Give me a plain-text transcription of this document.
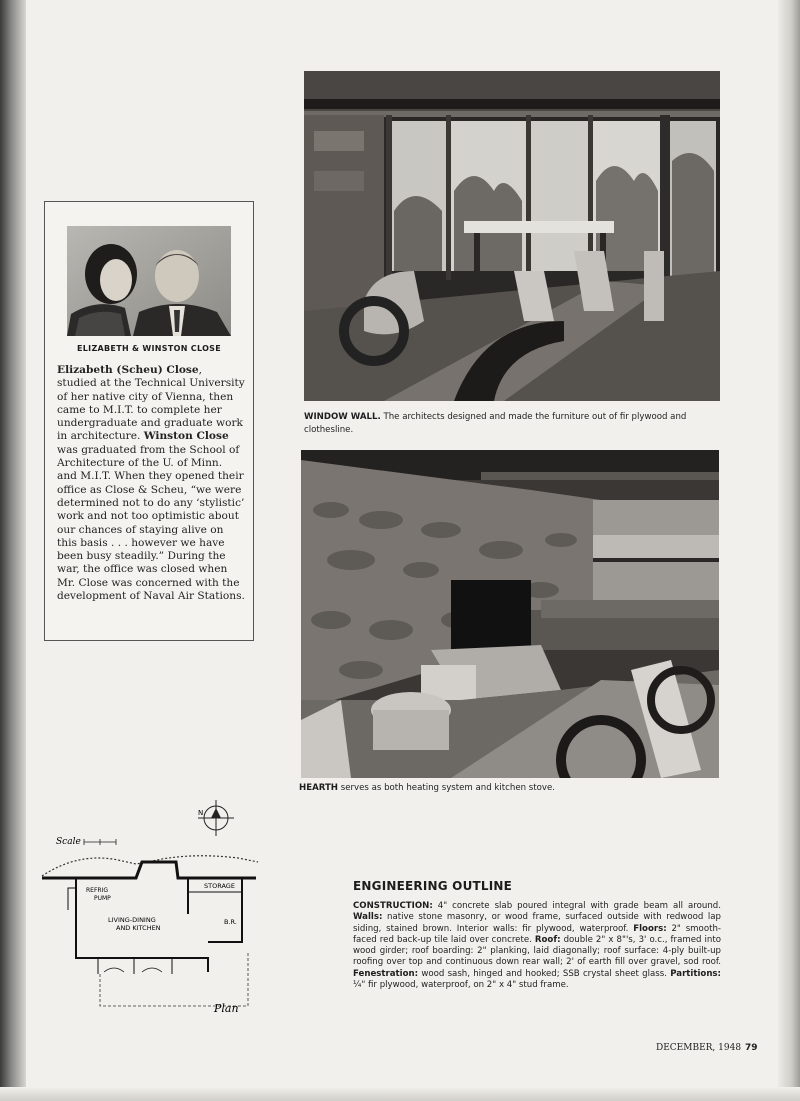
ELIZABETH & WINSTON CLOSE
Elizabeth (Scheu) Close, studied at the Technical University of her native city of Vienna, then came to M.I.T. to complete her undergraduate and graduate work in architecture. Winston Close was graduated from the School of Architecture of the U. of Minn. and M.I.T. When they opened their office as Close & Scheu, “we were determined not to do any ‘stylistic’ work and not too optimistic about our chances of staying alive on this basis . . . however we have been busy steadily.” During the war, the office was closed when Mr. Close was concerned with the development of Naval Air Stations.
WINDOW WALL. The architects designed and made the furniture out of fir plywood and clothesline.
HEARTH serves as both heating system and kitchen stove.
N
Scale
STORAGE
REFRIG
PUMP
LIVING-DINING
AND KITCHEN
B.R.
Plan
ENGINEERING OUTLINE
CONSTRUCTION: 4" concrete slab poured integral with grade beam all around. Walls: native stone masonry, or wood frame, surfaced outside with redwood lap siding, stained brown. Interior walls: fir plywood, waterproof. Floors: 2" smooth-faced red back-up tile laid over concrete. Roof: double 2" x 8"'s, 3' o.c., framed into wood girder; roof boarding: 2" planking, laid diagonally; roof surface: 4-ply built-up roofing over top and continuous down rear wall; 2' of earth fill over gravel, sod roof. Fenestration: wood sash, hinged and hooked; SSB crystal sheet glass. Partitions: ¼" fir plywood, waterproof, on 2" x 4" stud frame.
DECEMBER, 1948 79
